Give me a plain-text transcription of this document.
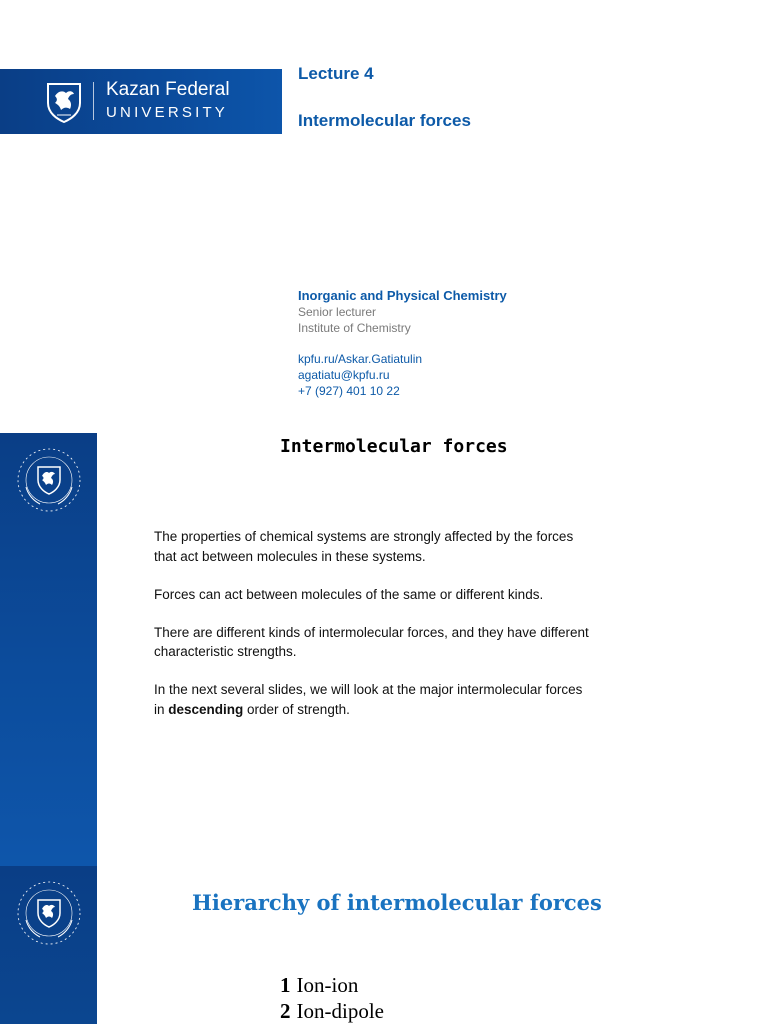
Kazan Federal
UNIVERSITY
Lecture 4
Intermolecular forces
Inorganic and Physical Chemistry
Senior lecturer
Institute of Chemistry
kpfu.ru/Askar.Gatiatulin
agatiatu@kpfu.ru
+7 (927) 401 10 22
Intermolecular forces

The properties of chemical systems are strongly affected by the forces that act between molecules in these systems.

Forces can act between molecules of the same or different kinds.

There are different kinds of intermolecular forces, and they have different characteristic strengths.

In the next several slides, we will look at the major intermolecular forces in descending order of strength.

Hierarchy of intermolecular forces
1 Ion-ion
2 Ion-dipole
